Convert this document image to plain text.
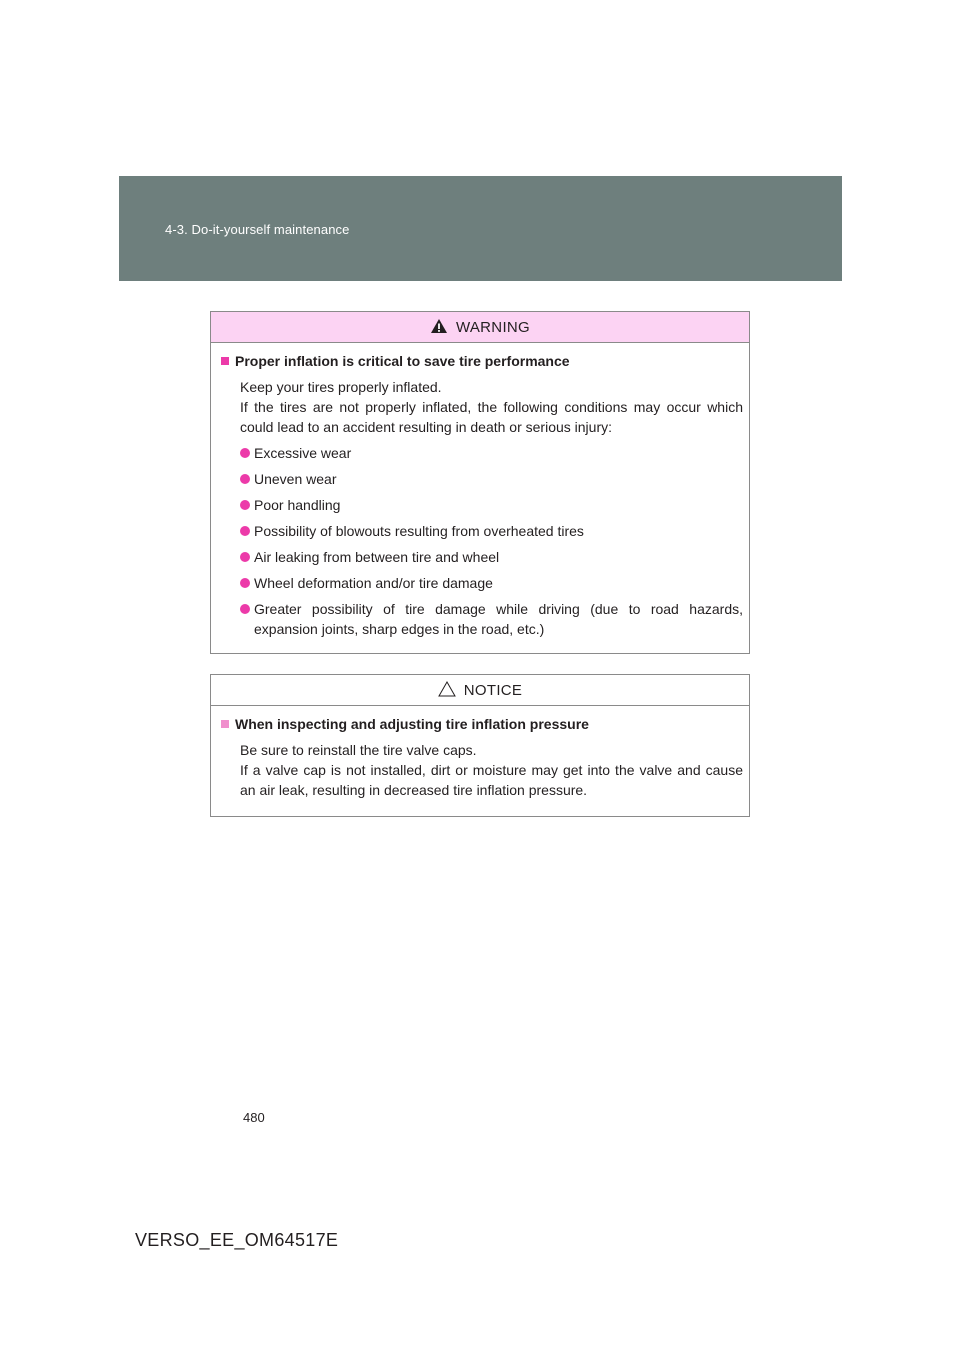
4-3. Do-it-yourself maintenance
WARNING
Proper inflation is critical to save tire performance
Keep your tires properly inflated.
If the tires are not properly inflated, the following conditions may occur which could lead to an accident resulting in death or serious injury:
Excessive wear
Uneven wear
Poor handling
Possibility of blowouts resulting from overheated tires
Air leaking from between tire and wheel
Wheel deformation and/or tire damage
Greater possibility of tire damage while driving (due to road hazards, expansion joints, sharp edges in the road, etc.)
NOTICE
When inspecting and adjusting tire inflation pressure
Be sure to reinstall the tire valve caps.
If a valve cap is not installed, dirt or moisture may get into the valve and cause an air leak, resulting in decreased tire inflation pressure.
480
VERSO_EE_OM64517E
